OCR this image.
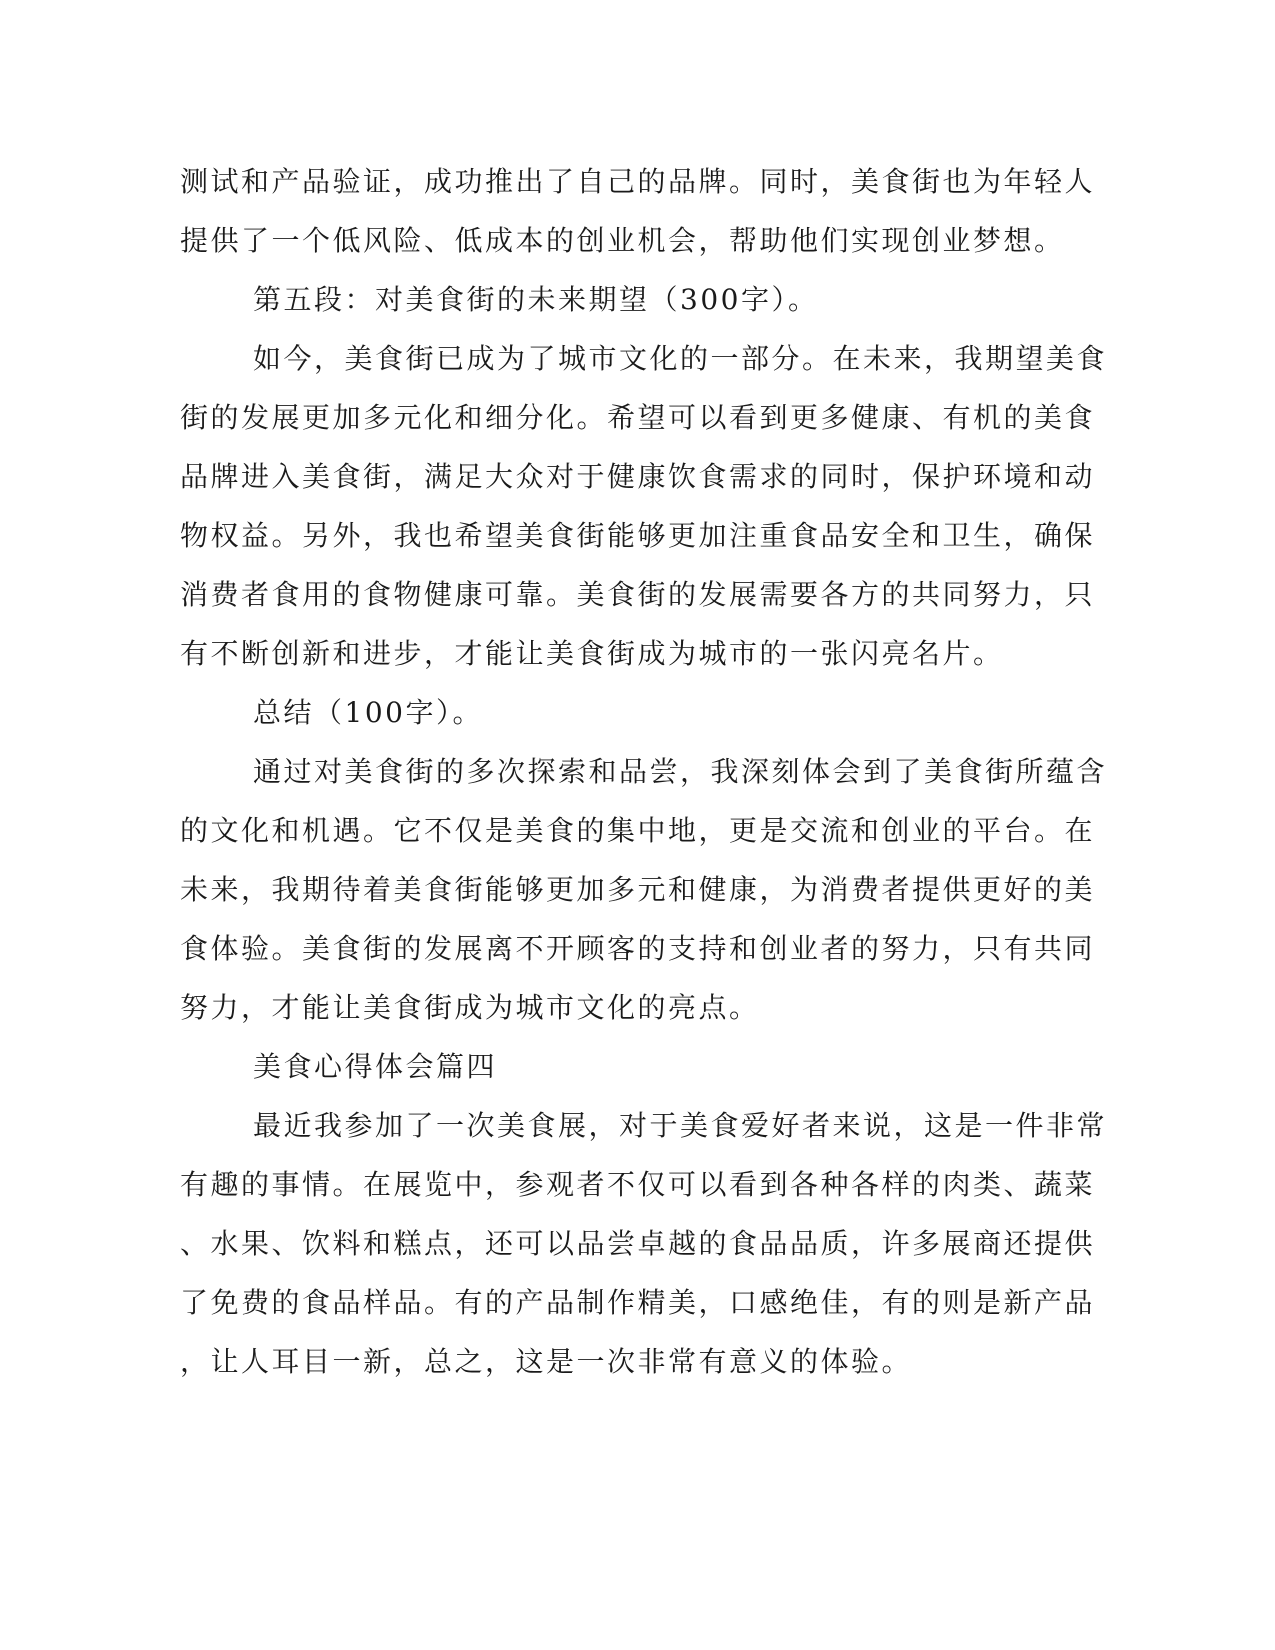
测试和产品验证，成功推出了自己的品牌。同时，美食街也为年轻人
提供了一个低风险、低成本的创业机会，帮助他们实现创业梦想。
第五段：对美食街的未来期望（300字）。
如今，美食街已成为了城市文化的一部分。在未来，我期望美食
街的发展更加多元化和细分化。希望可以看到更多健康、有机的美食
品牌进入美食街，满足大众对于健康饮食需求的同时，保护环境和动
物权益。另外，我也希望美食街能够更加注重食品安全和卫生，确保
消费者食用的食物健康可靠。美食街的发展需要各方的共同努力，只
有不断创新和进步，才能让美食街成为城市的一张闪亮名片。
总结（100字）。
通过对美食街的多次探索和品尝，我深刻体会到了美食街所蕴含
的文化和机遇。它不仅是美食的集中地，更是交流和创业的平台。在
未来，我期待着美食街能够更加多元和健康，为消费者提供更好的美
食体验。美食街的发展离不开顾客的支持和创业者的努力，只有共同
努力，才能让美食街成为城市文化的亮点。
美食心得体会篇四
最近我参加了一次美食展，对于美食爱好者来说，这是一件非常
有趣的事情。在展览中，参观者不仅可以看到各种各样的肉类、蔬菜
、水果、饮料和糕点，还可以品尝卓越的食品品质，许多展商还提供
了免费的食品样品。有的产品制作精美，口感绝佳，有的则是新产品
，让人耳目一新，总之，这是一次非常有意义的体验。
